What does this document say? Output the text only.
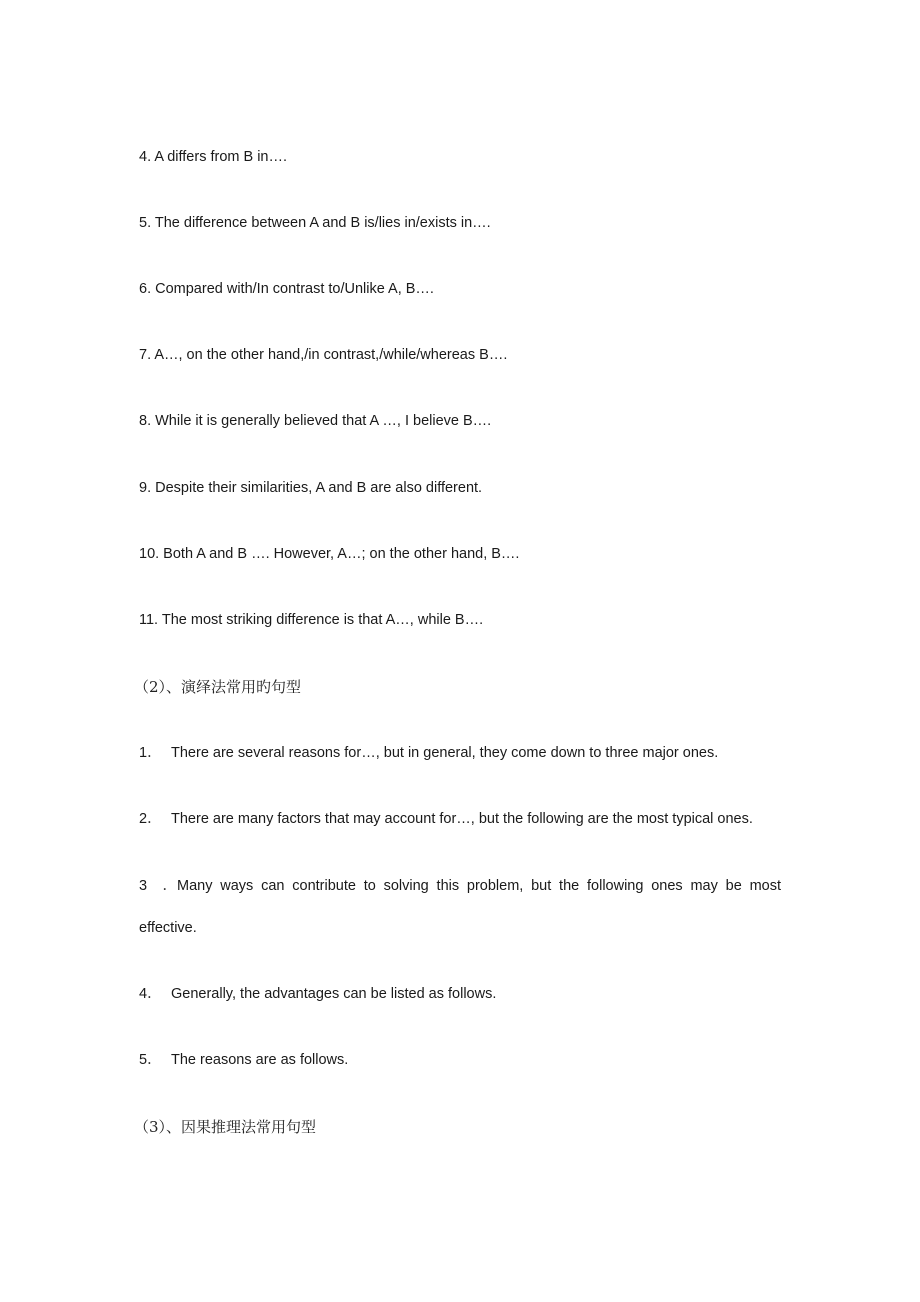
4. A differs from B in….

5. The difference between A and B is/lies in/exists in….

6. Compared with/In contrast to/Unlike A, B….

7. A…, on the other hand,/in contrast,/while/whereas B….

8. While it is generally believed that A …, I believe B….

9. Despite their similarities, A and B are also different.

10. Both A and B …. However, A…; on the other hand, B….

11. The most striking difference is that A…, while B….

（2）、演绎法常用旳句型
1． There are several reasons for…, but in general, they come down to three major ones.
2． There are many factors that may account for…, but the following are the most typical ones.
3．Many ways can contribute to solving this problem, but the following ones may be most
effective.
4． Generally, the advantages can be listed as follows.
5． The reasons are as follows.
（3）、因果推理法常用句型
